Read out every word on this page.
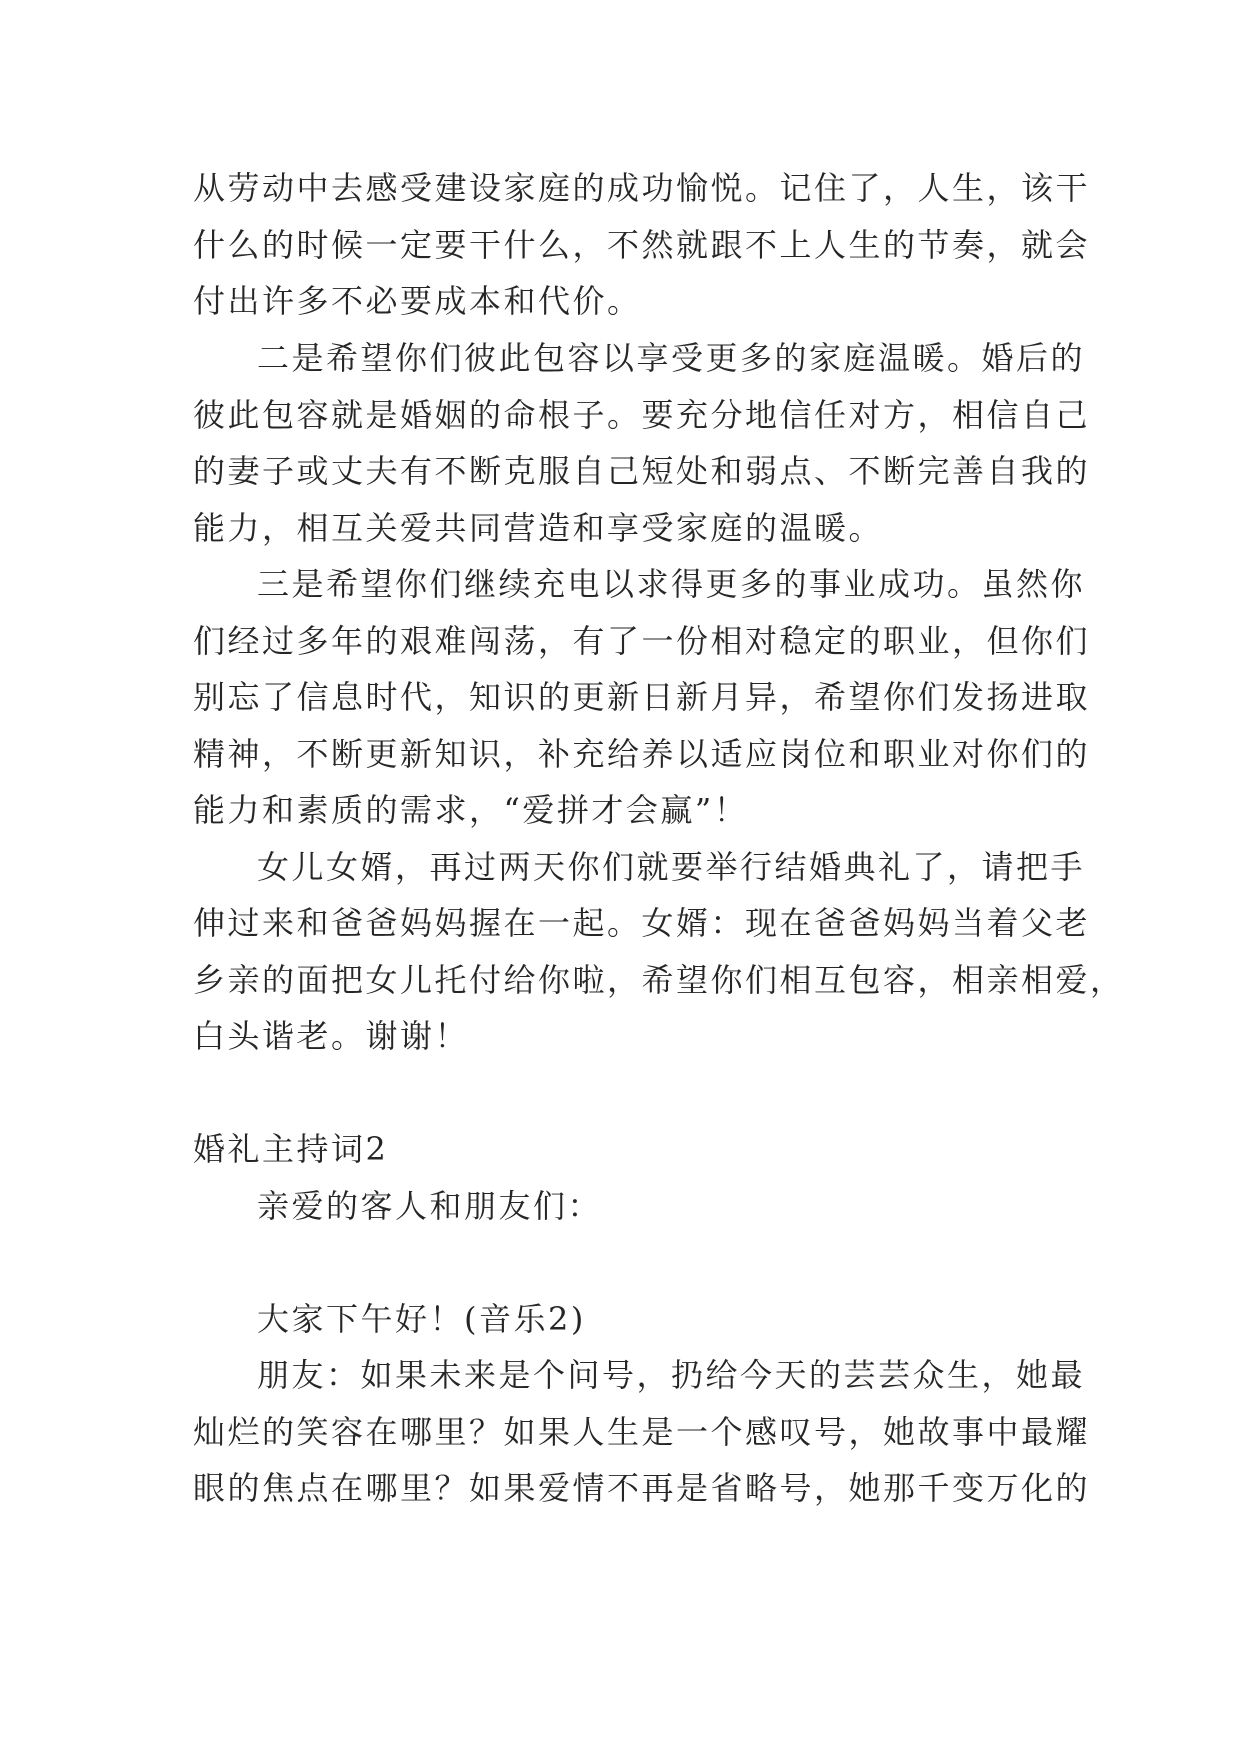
从劳动中去感受建设家庭的成功愉悦。记住了，人生，该干
什么的时候一定要干什么，不然就跟不上人生的节奏，就会
付出许多不必要成本和代价。
二是希望你们彼此包容以享受更多的家庭温暖。婚后的
彼此包容就是婚姻的命根子。要充分地信任对方，相信自己
的妻子或丈夫有不断克服自己短处和弱点、不断完善自我的
能力，相互关爱共同营造和享受家庭的温暖。
三是希望你们继续充电以求得更多的事业成功。虽然你
们经过多年的艰难闯荡，有了一份相对稳定的职业，但你们
别忘了信息时代，知识的更新日新月异，希望你们发扬进取
精神，不断更新知识，补充给养以适应岗位和职业对你们的
能力和素质的需求，“爱拼才会赢”！
女儿女婿，再过两天你们就要举行结婚典礼了，请把手
伸过来和爸爸妈妈握在一起。女婿：现在爸爸妈妈当着父老
乡亲的面把女儿托付给你啦，希望你们相互包容，相亲相爱，
白头谐老。谢谢！
婚礼主持词2
亲爱的客人和朋友们：
大家下午好！(音乐2)
朋友：如果未来是个问号，扔给今天的芸芸众生，她最
灿烂的笑容在哪里？如果人生是一个感叹号，她故事中最耀
眼的焦点在哪里？如果爱情不再是省略号，她那千变万化的
